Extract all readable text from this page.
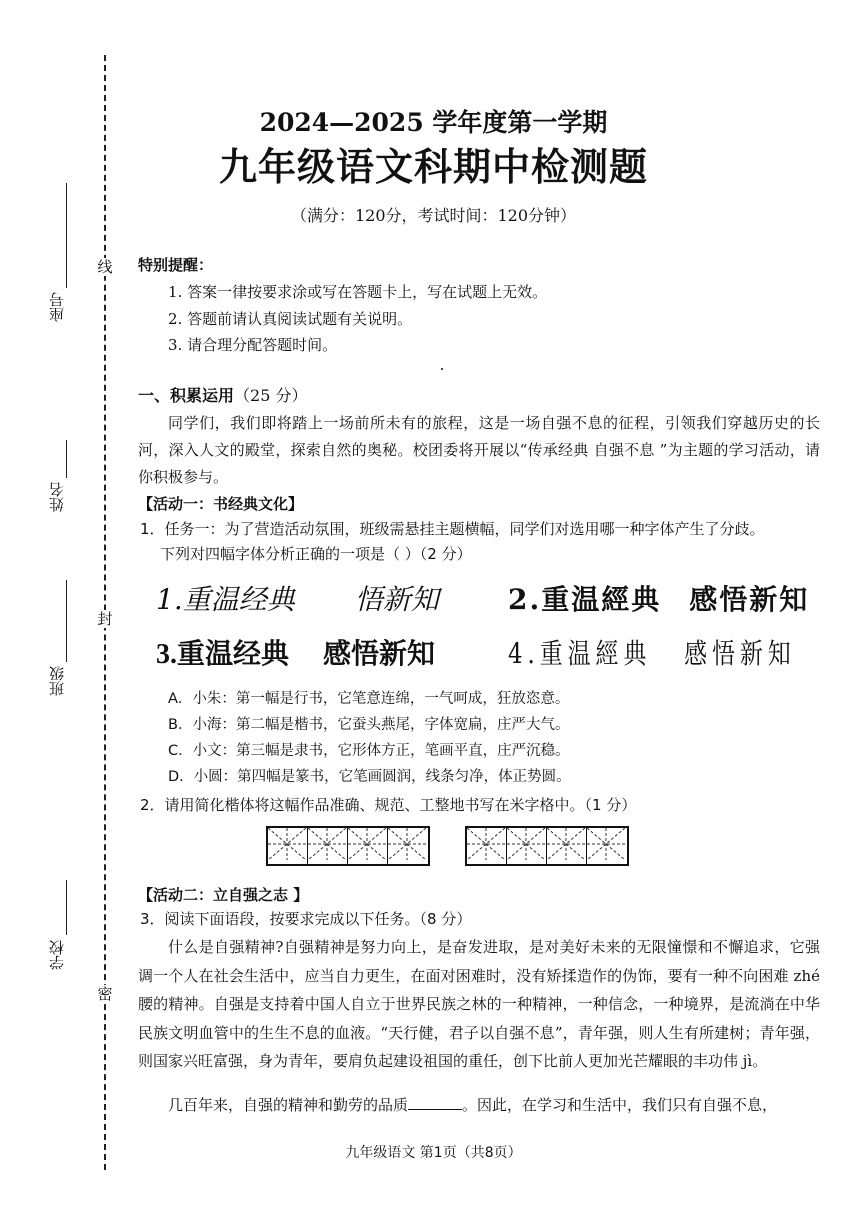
线
封
密
座号
姓名
班级
学校
2024—2025 学年度第一学期
九年级语文科期中检测题
（满分：120分，考试时间：120分钟）
特别提醒：
1. 答案一律按要求涂或写在答题卡上，写在试题上无效。
2. 答题前请认真阅读试题有关说明。
3. 请合理分配答题时间。
一、积累运用（25 分）
同学们，我们即将踏上一场前所未有的旅程，这是一场自强不息的征程，引领我们穿越历史的长河，深入人文的殿堂，探索自然的奥秘。校团委将开展以“传承经典 自强不息 ”为主题的学习活动，请你积极参与。
【活动一：书经典文化】
1．任务一：为了营造活动氛围，班级需悬挂主题横幅，同学们对选用哪一种字体产生了分歧。
下列对四幅字体分析正确的一项是（ ）（2 分）
1.重温经典 悟新知 2.重温經典 感悟新知
3.重温经典 感悟新知	4.重温經典 感悟新知
A．小朱：第一幅是行书，它笔意连绵，一气呵成，狂放恣意。
B．小海：第二幅是楷书，它蚕头燕尾，字体宽扁，庄严大气。
C．小文：第三幅是隶书，它形体方正，笔画平直，庄严沉稳。
D．小圆：第四幅是篆书，它笔画圆润，线条匀净，体正势圆。
2．请用简化楷体将这幅作品准确、规范、工整地书写在米字格中。（1 分）
【活动二：立自强之志 】
3．阅读下面语段，按要求完成以下任务。（8 分）
什么是自强精神?自强精神是努力向上，是奋发进取，是对美好未来的无限憧憬和不懈追求，它强调一个人在社会生活中，应当自力更生，在面对困难时，没有矫揉造作的伪饰，要有一种不向困难 zhé腰的精神。自强是支持着中国人自立于世界民族之林的一种精神，一种信念，一种境界，是流淌在中华民族文明血管中的生生不息的血液。“天行健，君子以自强不息”，青年强，则人生有所建树；青年强，则国家兴旺富强，身为青年，要肩负起建设祖国的重任，创下比前人更加光芒耀眼的丰功伟 jì。
几百年来，自强的精神和勤劳的品质	。因此，在学习和生活中，我们只有自强不息，
九年级语文 第1页（共8页）
